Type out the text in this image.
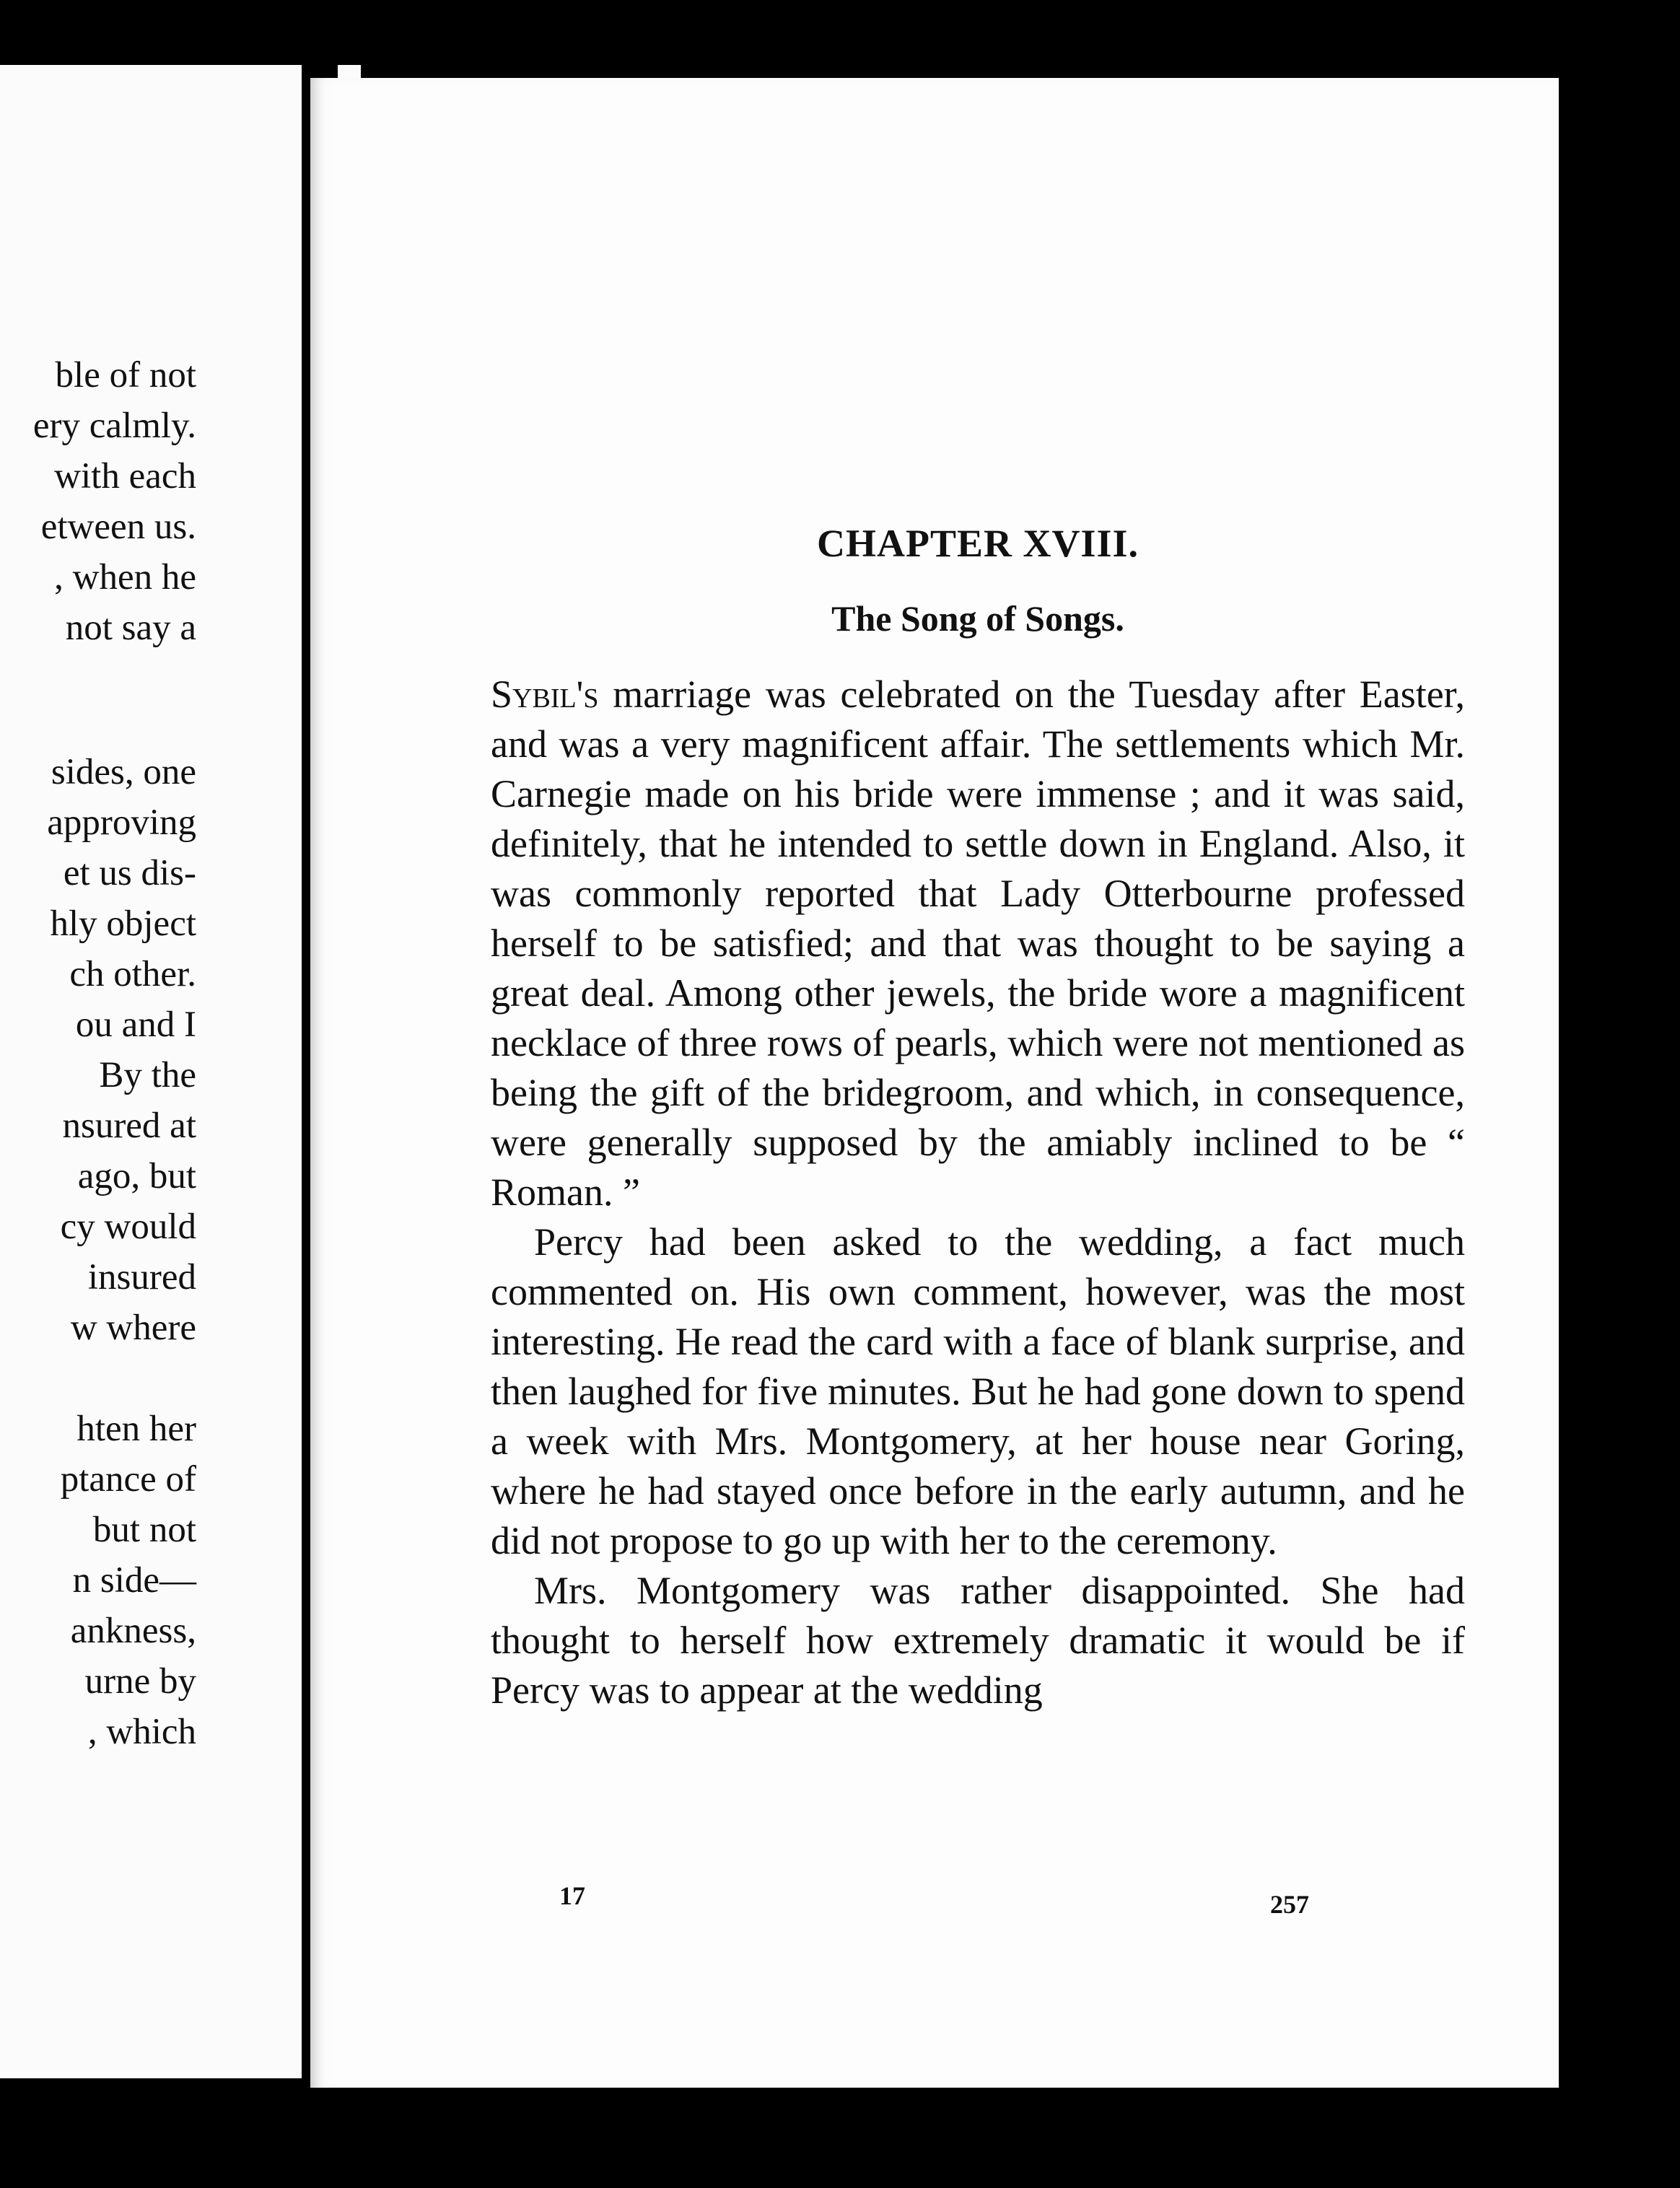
ble of not
ery calmly.
with each
etween us.
, when he
not say a
sides, one
approving
et us dis-
hly object
ch other.
ou and I
By the
nsured at
ago, but
cy would
insured
w where
hten her
ptance of
but not
n side—
ankness,
urne by
, which
CHAPTER XVIII.
The Song of Songs.

Sybil's marriage was celebrated on the Tuesday after Easter, and was a very magnificent affair. The settlements which Mr. Carnegie made on his bride were immense ; and it was said, definitely, that he intended to settle down in England. Also, it was commonly reported that Lady Otterbourne professed herself to be satisfied; and that was thought to be saying a great deal. Among other jewels, the bride wore a magnificent necklace of three rows of pearls, which were not mentioned as being the gift of the bridegroom, and which, in consequence, were generally supposed by the amiably inclined to be “ Roman. ”

Percy had been asked to the wedding, a fact much commented on. His own comment, however, was the most interesting. He read the card with a face of blank surprise, and then laughed for five minutes. But he had gone down to spend a week with Mrs. Montgomery, at her house near Goring, where he had stayed once before in the early autumn, and he did not propose to go up with her to the ceremony.

Mrs. Montgomery was rather disappointed. She had thought to herself how extremely dramatic it would be if Percy was to appear at the wedding

17	257
